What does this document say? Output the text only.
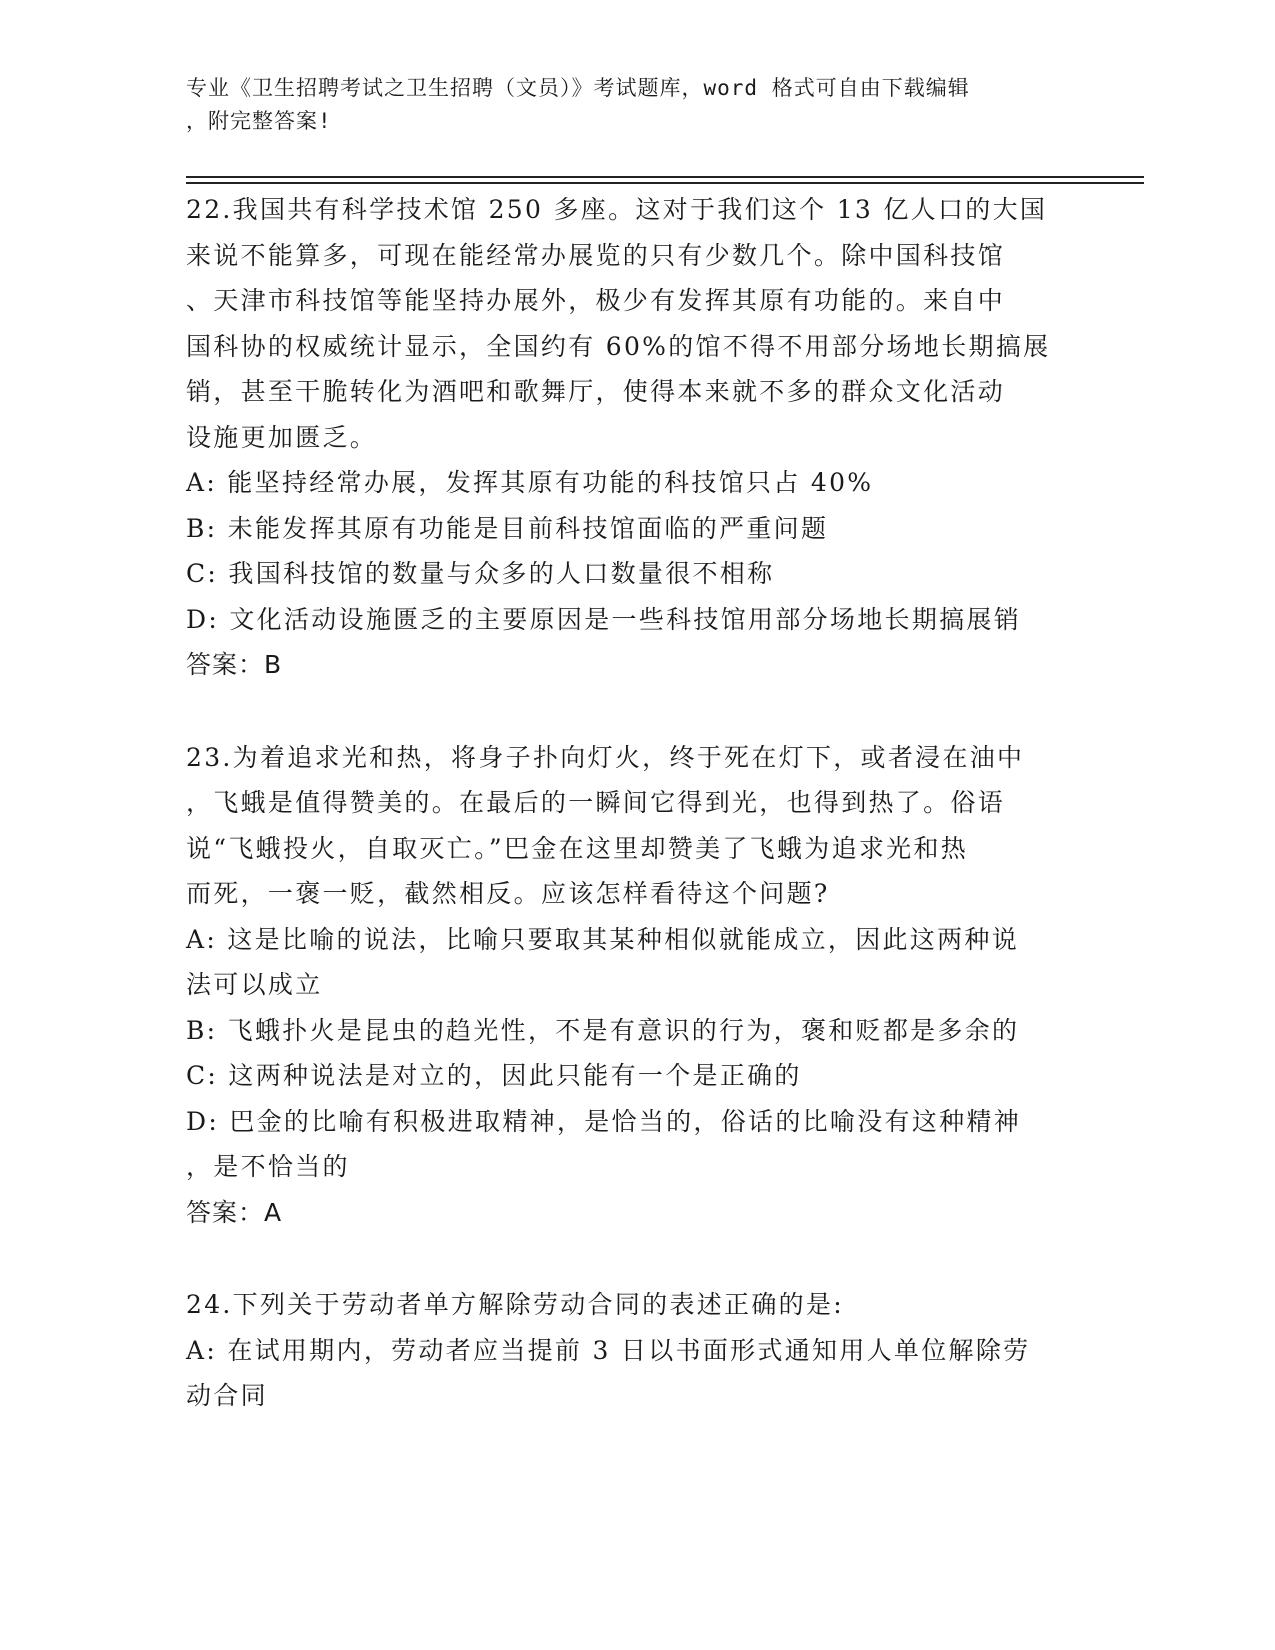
专业《卫生招聘考试之卫生招聘（文员）》考试题库，word 格式可自由下载编辑
，附完整答案!
22.我国共有科学技术馆 250 多座。这对于我们这个 13 亿人口的大国
来说不能算多，可现在能经常办展览的只有少数几个。除中国科技馆
、天津市科技馆等能坚持办展外，极少有发挥其原有功能的。来自中
国科协的权威统计显示，全国约有 60%的馆不得不用部分场地长期搞展
销，甚至干脆转化为酒吧和歌舞厅，使得本来就不多的群众文化活动
设施更加匮乏。
A: 能坚持经常办展，发挥其原有功能的科技馆只占 40%
B: 未能发挥其原有功能是目前科技馆面临的严重问题
C: 我国科技馆的数量与众多的人口数量很不相称
D: 文化活动设施匮乏的主要原因是一些科技馆用部分场地长期搞展销
答案：B
23.为着追求光和热，将身子扑向灯火，终于死在灯下，或者浸在油中
，飞蛾是值得赞美的。在最后的一瞬间它得到光，也得到热了。俗语
说“飞蛾投火，自取灭亡。”巴金在这里却赞美了飞蛾为追求光和热
而死，一褒一贬，截然相反。应该怎样看待这个问题?
A: 这是比喻的说法，比喻只要取其某种相似就能成立，因此这两种说
法可以成立
B: 飞蛾扑火是昆虫的趋光性，不是有意识的行为，褒和贬都是多余的
C: 这两种说法是对立的，因此只能有一个是正确的
D: 巴金的比喻有积极进取精神，是恰当的，俗话的比喻没有这种精神
，是不恰当的
答案：A
24.下列关于劳动者单方解除劳动合同的表述正确的是:
A: 在试用期内，劳动者应当提前 3 日以书面形式通知用人单位解除劳
动合同
